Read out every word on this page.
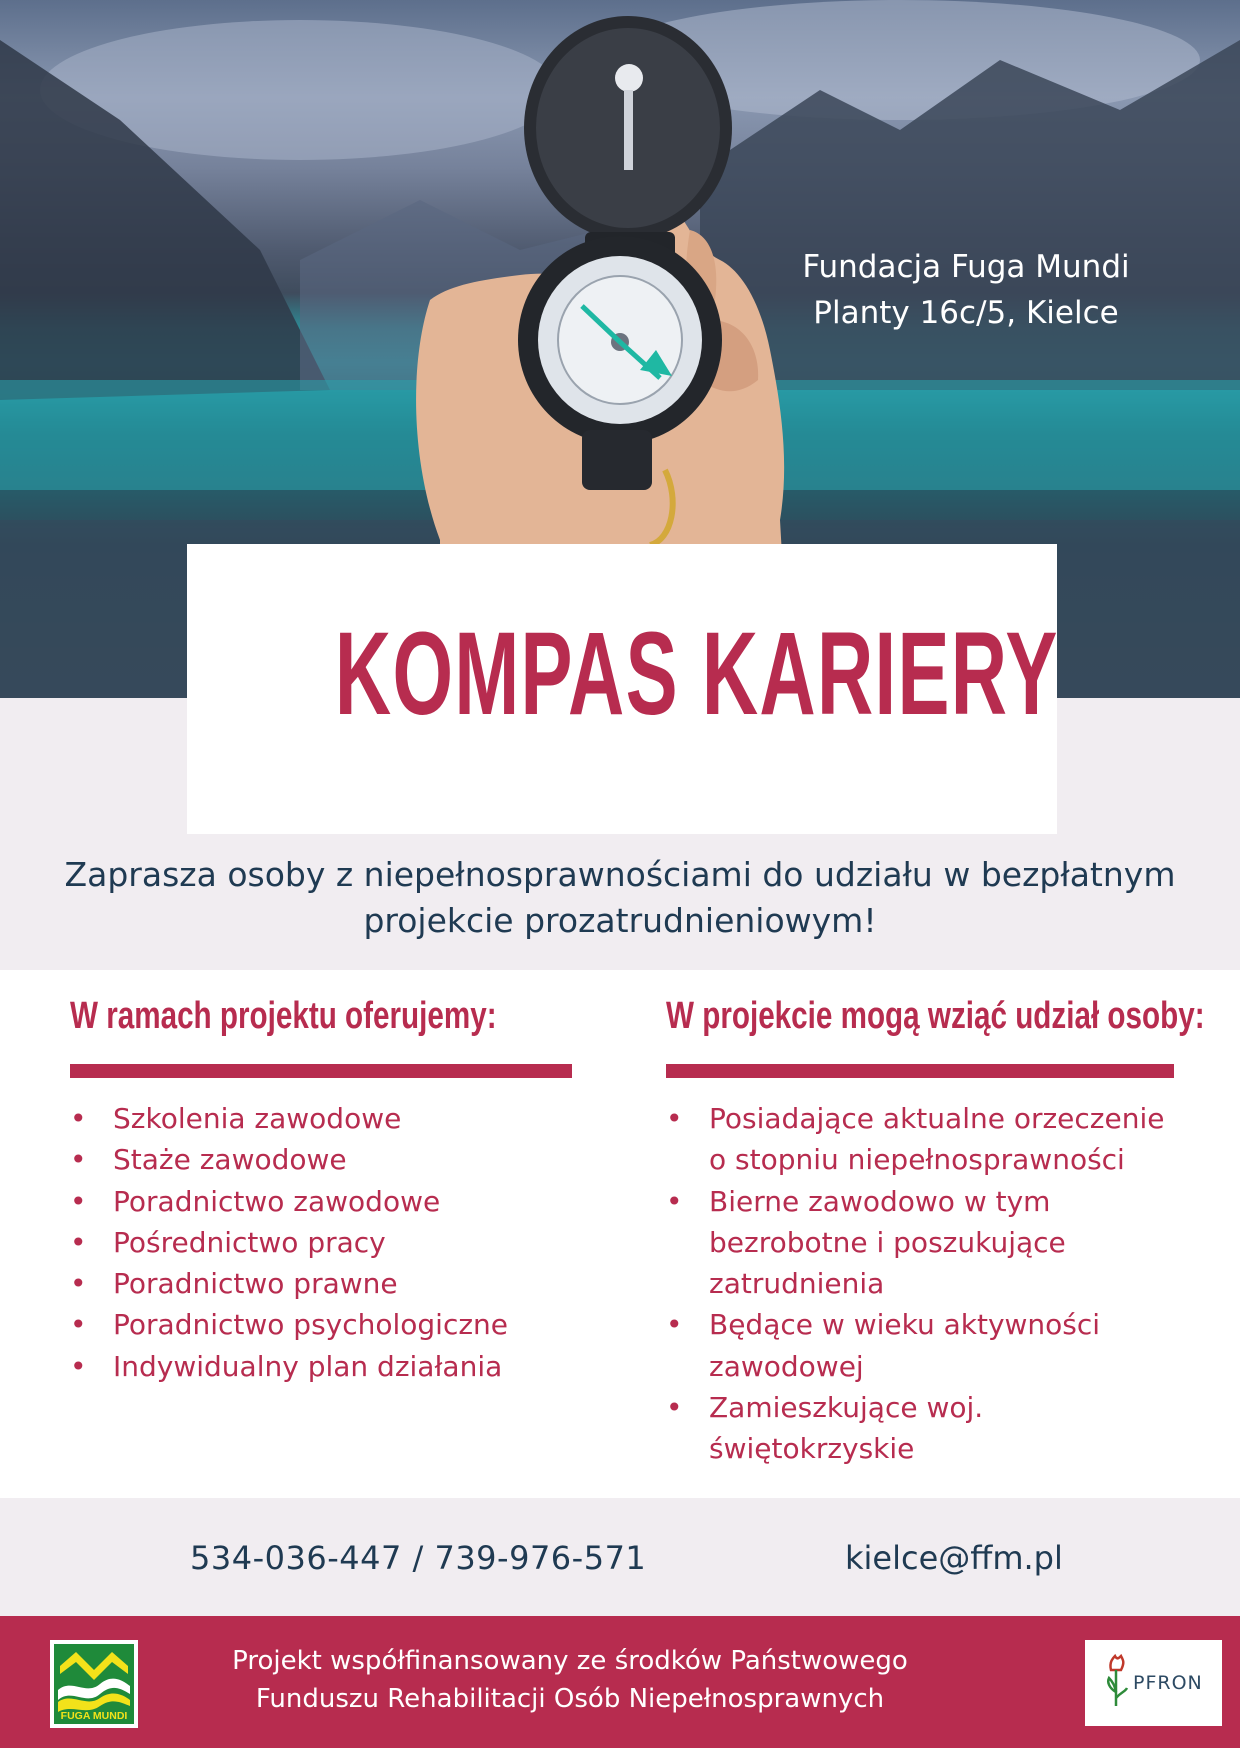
Fundacja Fuga Mundi
Planty 16c/5, Kielce
KOMPAS KARIERY
Zaprasza osoby z niepełnosprawnościami do udziału w bezpłatnym
projekcie prozatrudnieniowym!
W ramach projektu oferujemy:
• Szkolenia zawodowe
• Staże zawodowe
• Poradnictwo zawodowe
• Pośrednictwo pracy
• Poradnictwo prawne
• Poradnictwo psychologiczne
• Indywidualny plan działania
W projekcie mogą wziąć udział osoby:
• Posiadające aktualne orzeczenie o stopniu niepełnosprawności
• Bierne zawodowo w tym bezrobotne i poszukujące zatrudnienia
• Będące w wieku aktywności zawodowej
• Zamieszkujące woj. świętokrzyskie
534-036-447 / 739-976-571	kielce@ffm.pl
FUGA MUNDI
Projekt współfinansowany ze środków Państwowego
Funduszu Rehabilitacji Osób Niepełnosprawnych
PFRON
